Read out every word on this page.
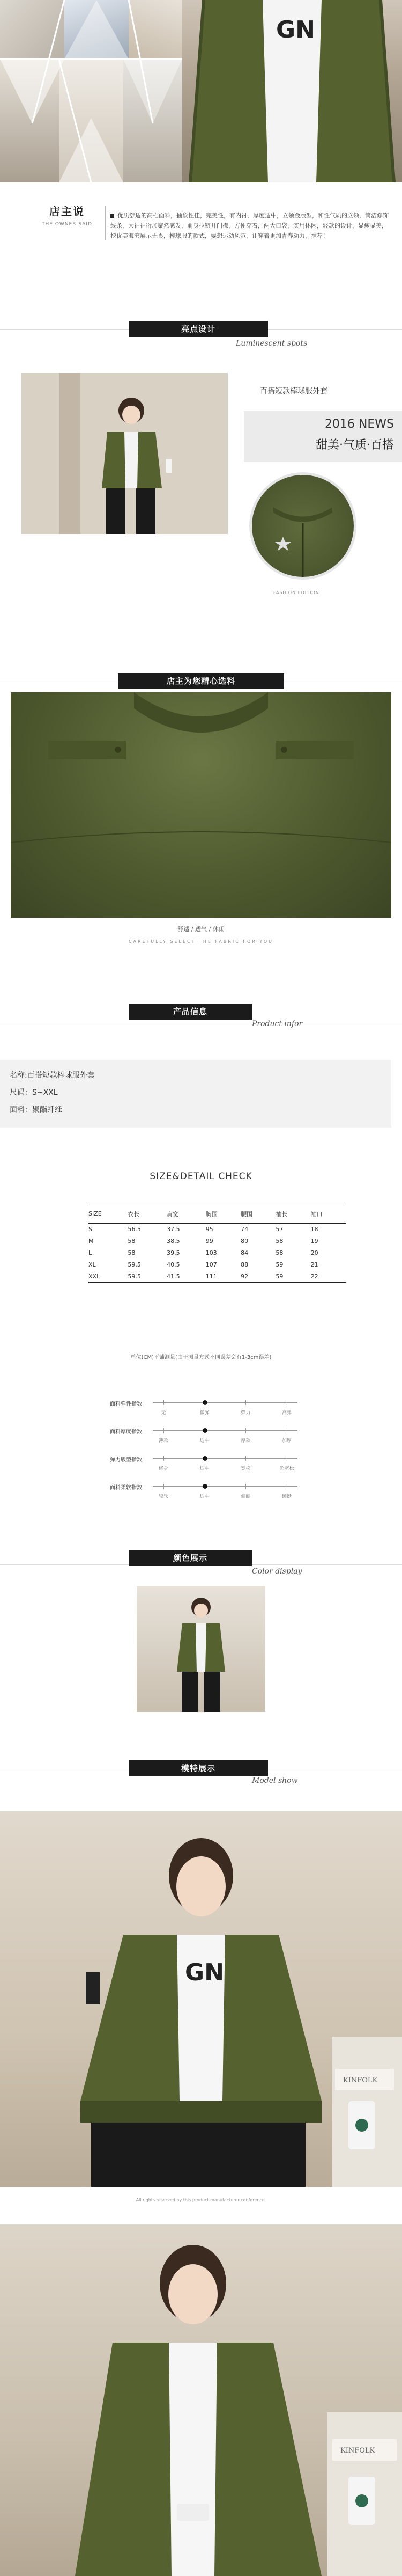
GN
店主说
THE OWNER SAID
优质舒适的高档面料，抽象性佳，完美性，有内衬，厚度适中，立领金版型，和性气质的立领，简洁修饰线条，大袖袖衍加聚然感发，前身拉链开门襟，方便穿着，两大口袋，实用休闲，轻款的设计，显瘦显美，挖优美海滨展示无畏，棒球服的款式，要想运动风范，让穿着更加青春动力，推荐！
亮点设计
Luminescent spots
百搭短款棒球服外套
2016 NEWS
甜美·气质·百搭
FASHION EDITION
店主为您精心选料
舒适 / 透气 / 休闲
CAREFULLY SELECT THE FABRIC FOR YOU
产品信息
Product infor
名称:百搭短款棒球服外套
尺码：S~XXL
面料：聚酯纤维
SIZE&DETAIL CHECK
SIZE	衣长	肩宽	胸围	腰围	袖长	袖口
S	56.5	37.5	95	74	57	18
M	58	38.5	99	80	58	19
L	58	39.5	103	84	58	20
XL	59.5	40.5	107	88	59	21
XXL	59.5	41.5	111	92	59	22
单位(CM)平铺测量(由于测量方式不同误差会有1-3cm误差)
面料弹性指数
无	微弹	弹力	高弹
面料厚度指数
薄款	适中	厚款	加厚
弹力版型指数
修身	适中	宽松	超宽松
面料柔软指数
较软	适中	偏硬	硬挺
颜色展示
Color display
模特展示
Model show
KINFOLK
GN
All rights reserved by this product manufacturer conference.
KINFOLK
